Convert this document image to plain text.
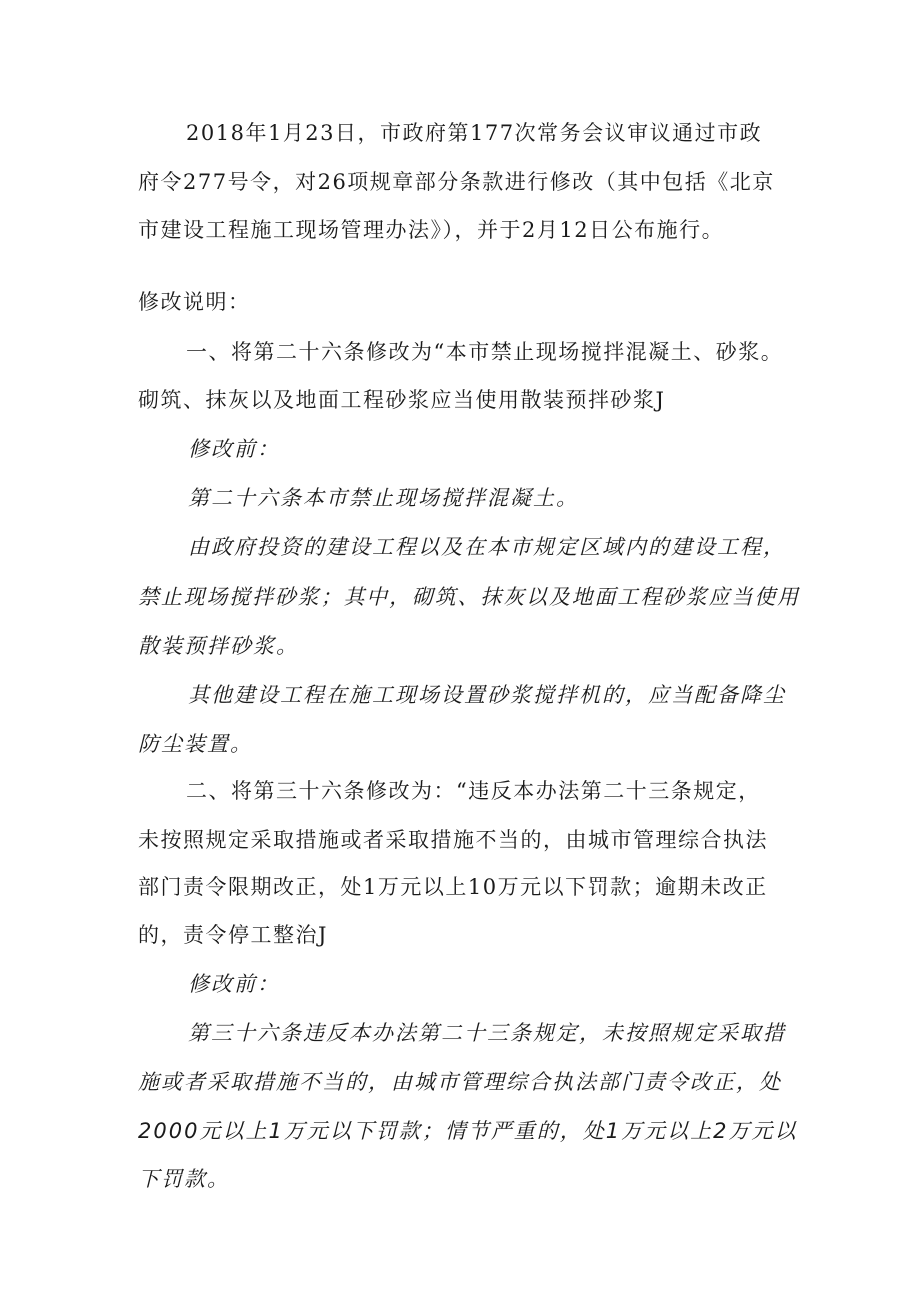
2018年1月23日，市政府第177次常务会议审议通过市政
府令277号令，对26项规章部分条款进行修改（其中包括《北京
市建设工程施工现场管理办法》），并于2月12日公布施行。
修改说明：
一、将第二十六条修改为“本市禁止现场搅拌混凝土、砂浆。
砌筑、抹灰以及地面工程砂浆应当使用散装预拌砂浆J
修改前：
第二十六条本市禁止现场搅拌混凝土。
由政府投资的建设工程以及在本市规定区域内的建设工程，
禁止现场搅拌砂浆；其中，砌筑、抹灰以及地面工程砂浆应当使用
散装预拌砂浆。
其他建设工程在施工现场设置砂浆搅拌机的，应当配备降尘
防尘装置。
二、将第三十六条修改为：“违反本办法第二十三条规定，
未按照规定采取措施或者采取措施不当的，由城市管理综合执法
部门责令限期改正，处1万元以上10万元以下罚款；逾期未改正
的，责令停工整治J
修改前：
第三十六条违反本办法第二十三条规定，未按照规定采取措
施或者采取措施不当的，由城市管理综合执法部门责令改正，处
2000元以上1万元以下罚款；情节严重的，处1万元以上2万元以
下罚款。
